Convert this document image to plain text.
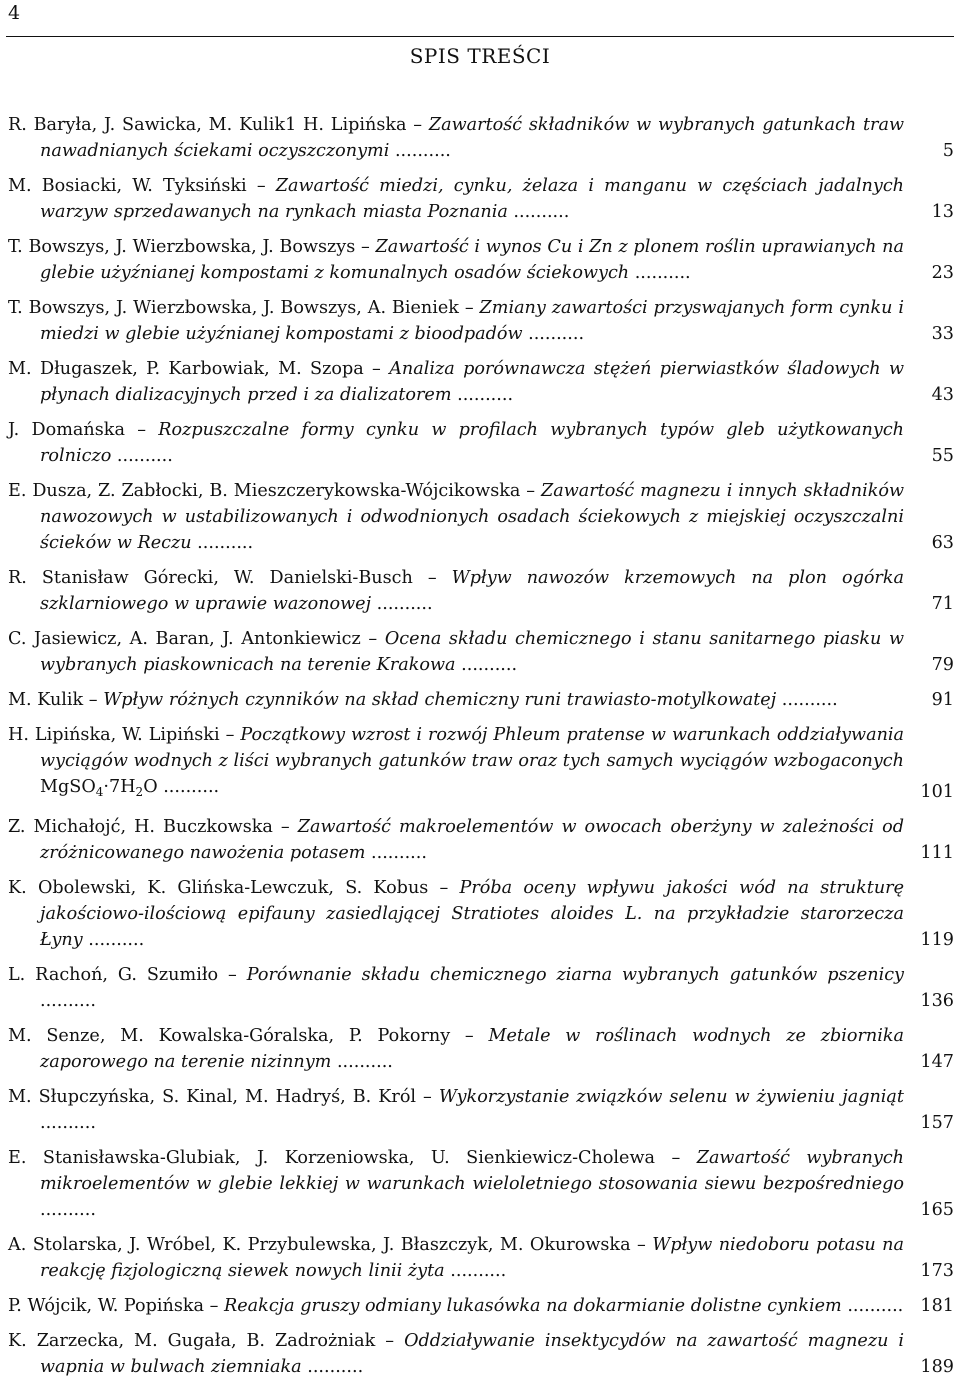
4
SPIS TREŚCI
R. Baryła, J. Sawicka, M. Kulik1 H. Lipińska – Zawartość składników w wybranych gatunkach traw nawadnianych ściekami oczyszczonymi ..........	5
M. Bosiacki, W. Tyksiński – Zawartość miedzi, cynku, żelaza i manganu w częściach jadalnych warzyw sprzedawanych na rynkach miasta Poznania ..........	13
T. Bowszys, J. Wierzbowska, J. Bowszys – Zawartość i wynos Cu i Zn z plonem roślin uprawianych na glebie użyźnianej kompostami z komunalnych osadów ściekowych ..........	23
T. Bowszys, J. Wierzbowska, J. Bowszys, A. Bieniek – Zmiany zawartości przyswajanych form cynku i miedzi w glebie użyźnianej kompostami z bioodpadów ..........	33
M. Długaszek, P. Karbowiak, M. Szopa – Analiza porównawcza stężeń pierwiastków śladowych w płynach dializacyjnych przed i za dializatorem ..........	43
J. Domańska – Rozpuszczalne formy cynku w profilach wybranych typów gleb użytkowanych rolniczo ..........	55
E. Dusza, Z. Zabłocki, B. Mieszczerykowska-Wójcikowska – Zawartość magnezu i innych składników nawozowych w ustabilizowanych i odwodnionych osadach ściekowych z miejskiej oczyszczalni ścieków w Reczu ..........	63
R. Stanisław Górecki, W. Danielski-Busch – Wpływ nawozów krzemowych na plon ogórka szklarniowego w uprawie wazonowej ..........	71
C. Jasiewicz, A. Baran, J. Antonkiewicz – Ocena składu chemicznego i stanu sanitarnego piasku w wybranych piaskownicach na terenie Krakowa ..........	79
M. Kulik – Wpływ różnych czynników na skład chemiczny runi trawiasto-motylkowatej ..........	91
H. Lipińska, W. Lipiński – Początkowy wzrost i rozwój Phleum pratense w warunkach oddziaływania wyciągów wodnych z liści wybranych gatunków traw oraz tych samych wyciągów wzbogaconych $MgSO_4\cdot 7H_2O$ ..........	101
Z. Michałojć, H. Buczkowska – Zawartość makroelementów w owocach oberżyny w zależności od zróżnicowanego nawożenia potasem ..........	111
K. Obolewski, K. Glińska-Lewczuk, S. Kobus – Próba oceny wpływu jakości wód na strukturę jakościowo-ilościową epifauny zasiedlającej Stratiotes aloides L. na przykładzie starorzecza Łyny ..........	119
L. Rachoń, G. Szumiło – Porównanie składu chemicznego ziarna wybranych gatunków pszenicy ..........	136
M. Senze, M. Kowalska-Góralska, P. Pokorny – Metale w roślinach wodnych ze zbiornika zaporowego na terenie nizinnym ..........	147
M. Słupczyńska, S. Kinal, M. Hadryś, B. Król – Wykorzystanie związków selenu w żywieniu jagniąt ..........	157
E. Stanisławska-Glubiak, J. Korzeniowska, U. Sienkiewicz-Cholewa – Zawartość wybranych mikroelementów w glebie lekkiej w warunkach wieloletniego stosowania siewu bezpośredniego ..........	165
A. Stolarska, J. Wróbel, K. Przybulewska, J. Błaszczyk, M. Okurowska – Wpływ niedoboru potasu na reakcję fizjologiczną siewek nowych linii żyta ..........	173
P. Wójcik, W. Popińska – Reakcja gruszy odmiany lukasówka na dokarmianie dolistne cynkiem .......... 181
K. Zarzecka, M. Gugała, B. Zadrożniak – Oddziaływanie insektycydów na zawartość magnezu i wapnia w bulwach ziemniaka ..........	189
